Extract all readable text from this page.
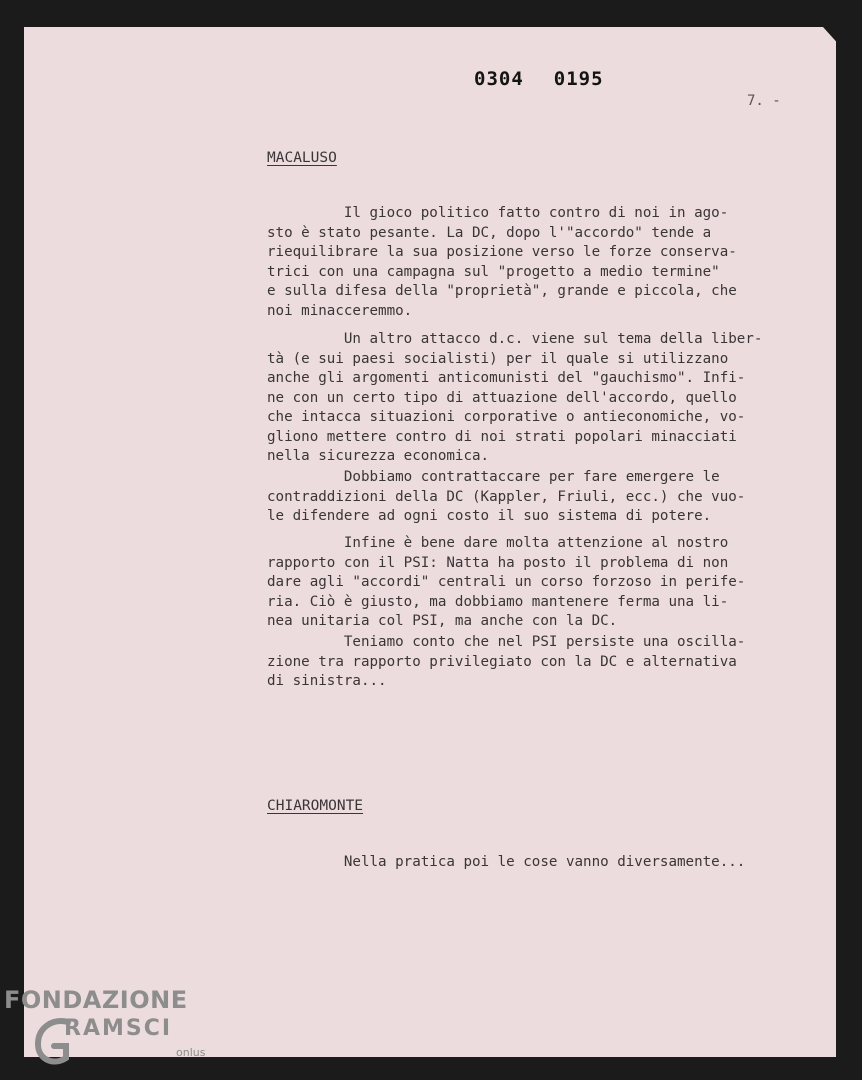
0304 0195
7. -
MACALUSO
Il gioco politico fatto contro di noi in ago-
sto è stato pesante. La DC, dopo l'"accordo" tende a
riequilibrare la sua posizione verso le forze conserva-
trici con una campagna sul "progetto a medio termine"
e sulla difesa della "proprietà", grande e piccola, che
noi minacceremmo.
Un altro attacco d.c. viene sul tema della liber-
tà (e sui paesi socialisti) per il quale si utilizzano
anche gli argomenti anticomunisti del "gauchismo". Infi-
ne con un certo tipo di attuazione dell'accordo, quello
che intacca situazioni corporative o antieconomiche, vo-
gliono mettere contro di noi strati popolari minacciati
nella sicurezza economica.
Dobbiamo contrattaccare per fare emergere le
contraddizioni della DC (Kappler, Friuli, ecc.) che vuo-
le difendere ad ogni costo il suo sistema di potere.
Infine è bene dare molta attenzione al nostro
rapporto con il PSI: Natta ha posto il problema di non
dare agli "accordi" centrali un corso forzoso in perife-
ria. Ciò è giusto, ma dobbiamo mantenere ferma una li-
nea unitaria col PSI, ma anche con la DC.
Teniamo conto che nel PSI persiste una oscilla-
zione tra rapporto privilegiato con la DC e alternativa
di sinistra...
CHIAROMONTE
Nella pratica poi le cose vanno diversamente...
FONDAZIONE
RAMSCI
onlus
